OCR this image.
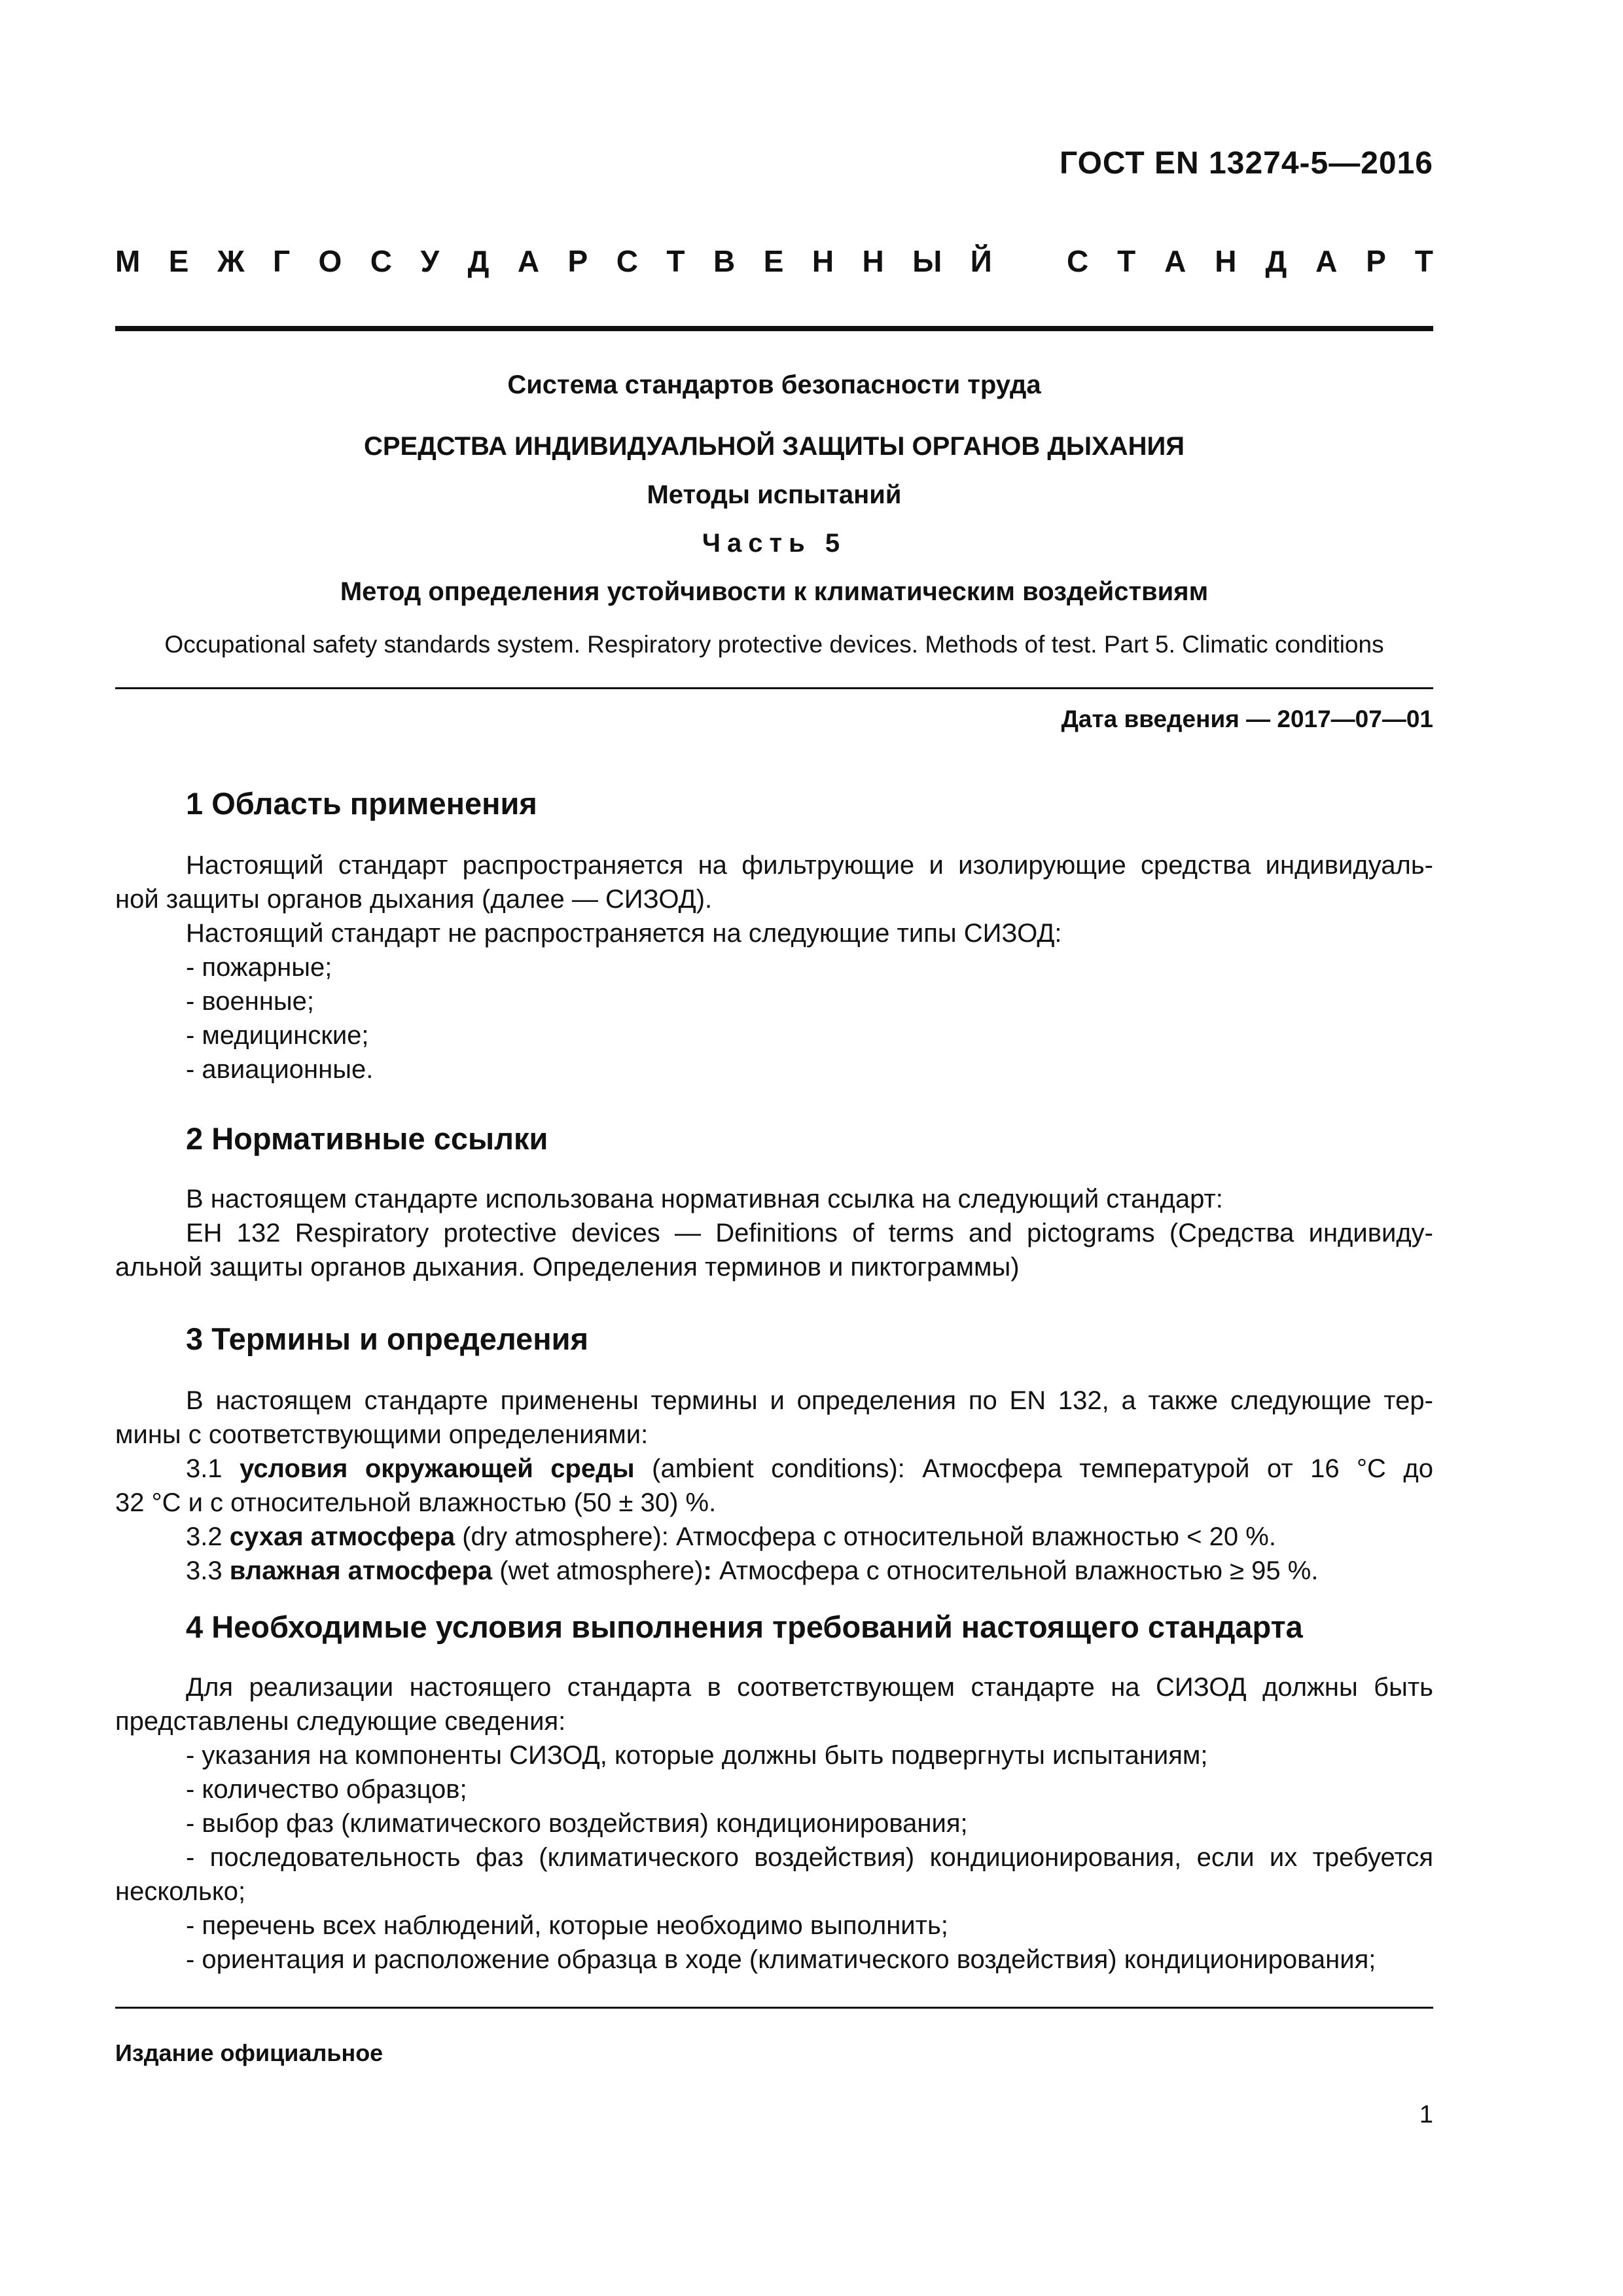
ГОСТ EN 13274-5—2016
М Е Ж Г О С У Д А Р С Т В Е Н Н Ы Й С Т А Н Д А Р Т
Система стандартов безопасности труда
СРЕДСТВА ИНДИВИДУАЛЬНОЙ ЗАЩИТЫ ОРГАНОВ ДЫХАНИЯ
Методы испытаний
Часть 5
Метод определения устойчивости к климатическим воздействиям
Occupational safety standards system. Respiratory protective devices. Methods of test. Part 5. Climatic conditions
Дата введения — 2017—07—01
1 Область применения

Настоящий стандарт распространяется на фильтрующие и изолирующие средства индивидуаль-

ной защиты органов дыхания (далее — СИЗОД).

Настоящий стандарт не распространяется на следующие типы СИЗОД:

- пожарные;

- военные;

- медицинские;

- авиационные.

2 Нормативные ссылки

В настоящем стандарте использована нормативная ссылка на следующий стандарт:

ЕН 132 Respiratory protective devices — Definitions of terms and pictograms (Средства индивиду-

альной защиты органов дыхания. Определения терминов и пиктограммы)

3 Термины и определения

В настоящем стандарте применены термины и определения по EN 132, а также следующие тер-

мины с соответствующими определениями:

3.1 условия окружающей среды (ambient conditions): Атмосфера температурой от 16 °С до

32 °С и с относительной влажностью (50 ± 30) %.

3.2 сухая атмосфера (dry atmosphere): Атмосфера с относительной влажностью < 20 %.

3.3 влажная атмосфера (wet atmosphere): Атмосфера с относительной влажностью ≥ 95 %.

4 Необходимые условия выполнения требований настоящего стандарта

Для реализации настоящего стандарта в соответствующем стандарте на СИЗОД должны быть

представлены следующие сведения:

- указания на компоненты СИЗОД, которые должны быть подвергнуты испытаниям;

- количество образцов;

- выбор фаз (климатического воздействия) кондиционирования;

- последовательность фаз (климатического воздействия) кондиционирования, если их требуется

несколько;

- перечень всех наблюдений, которые необходимо выполнить;

- ориентация и расположение образца в ходе (климатического воздействия) кондиционирования;

Издание официальное
1
